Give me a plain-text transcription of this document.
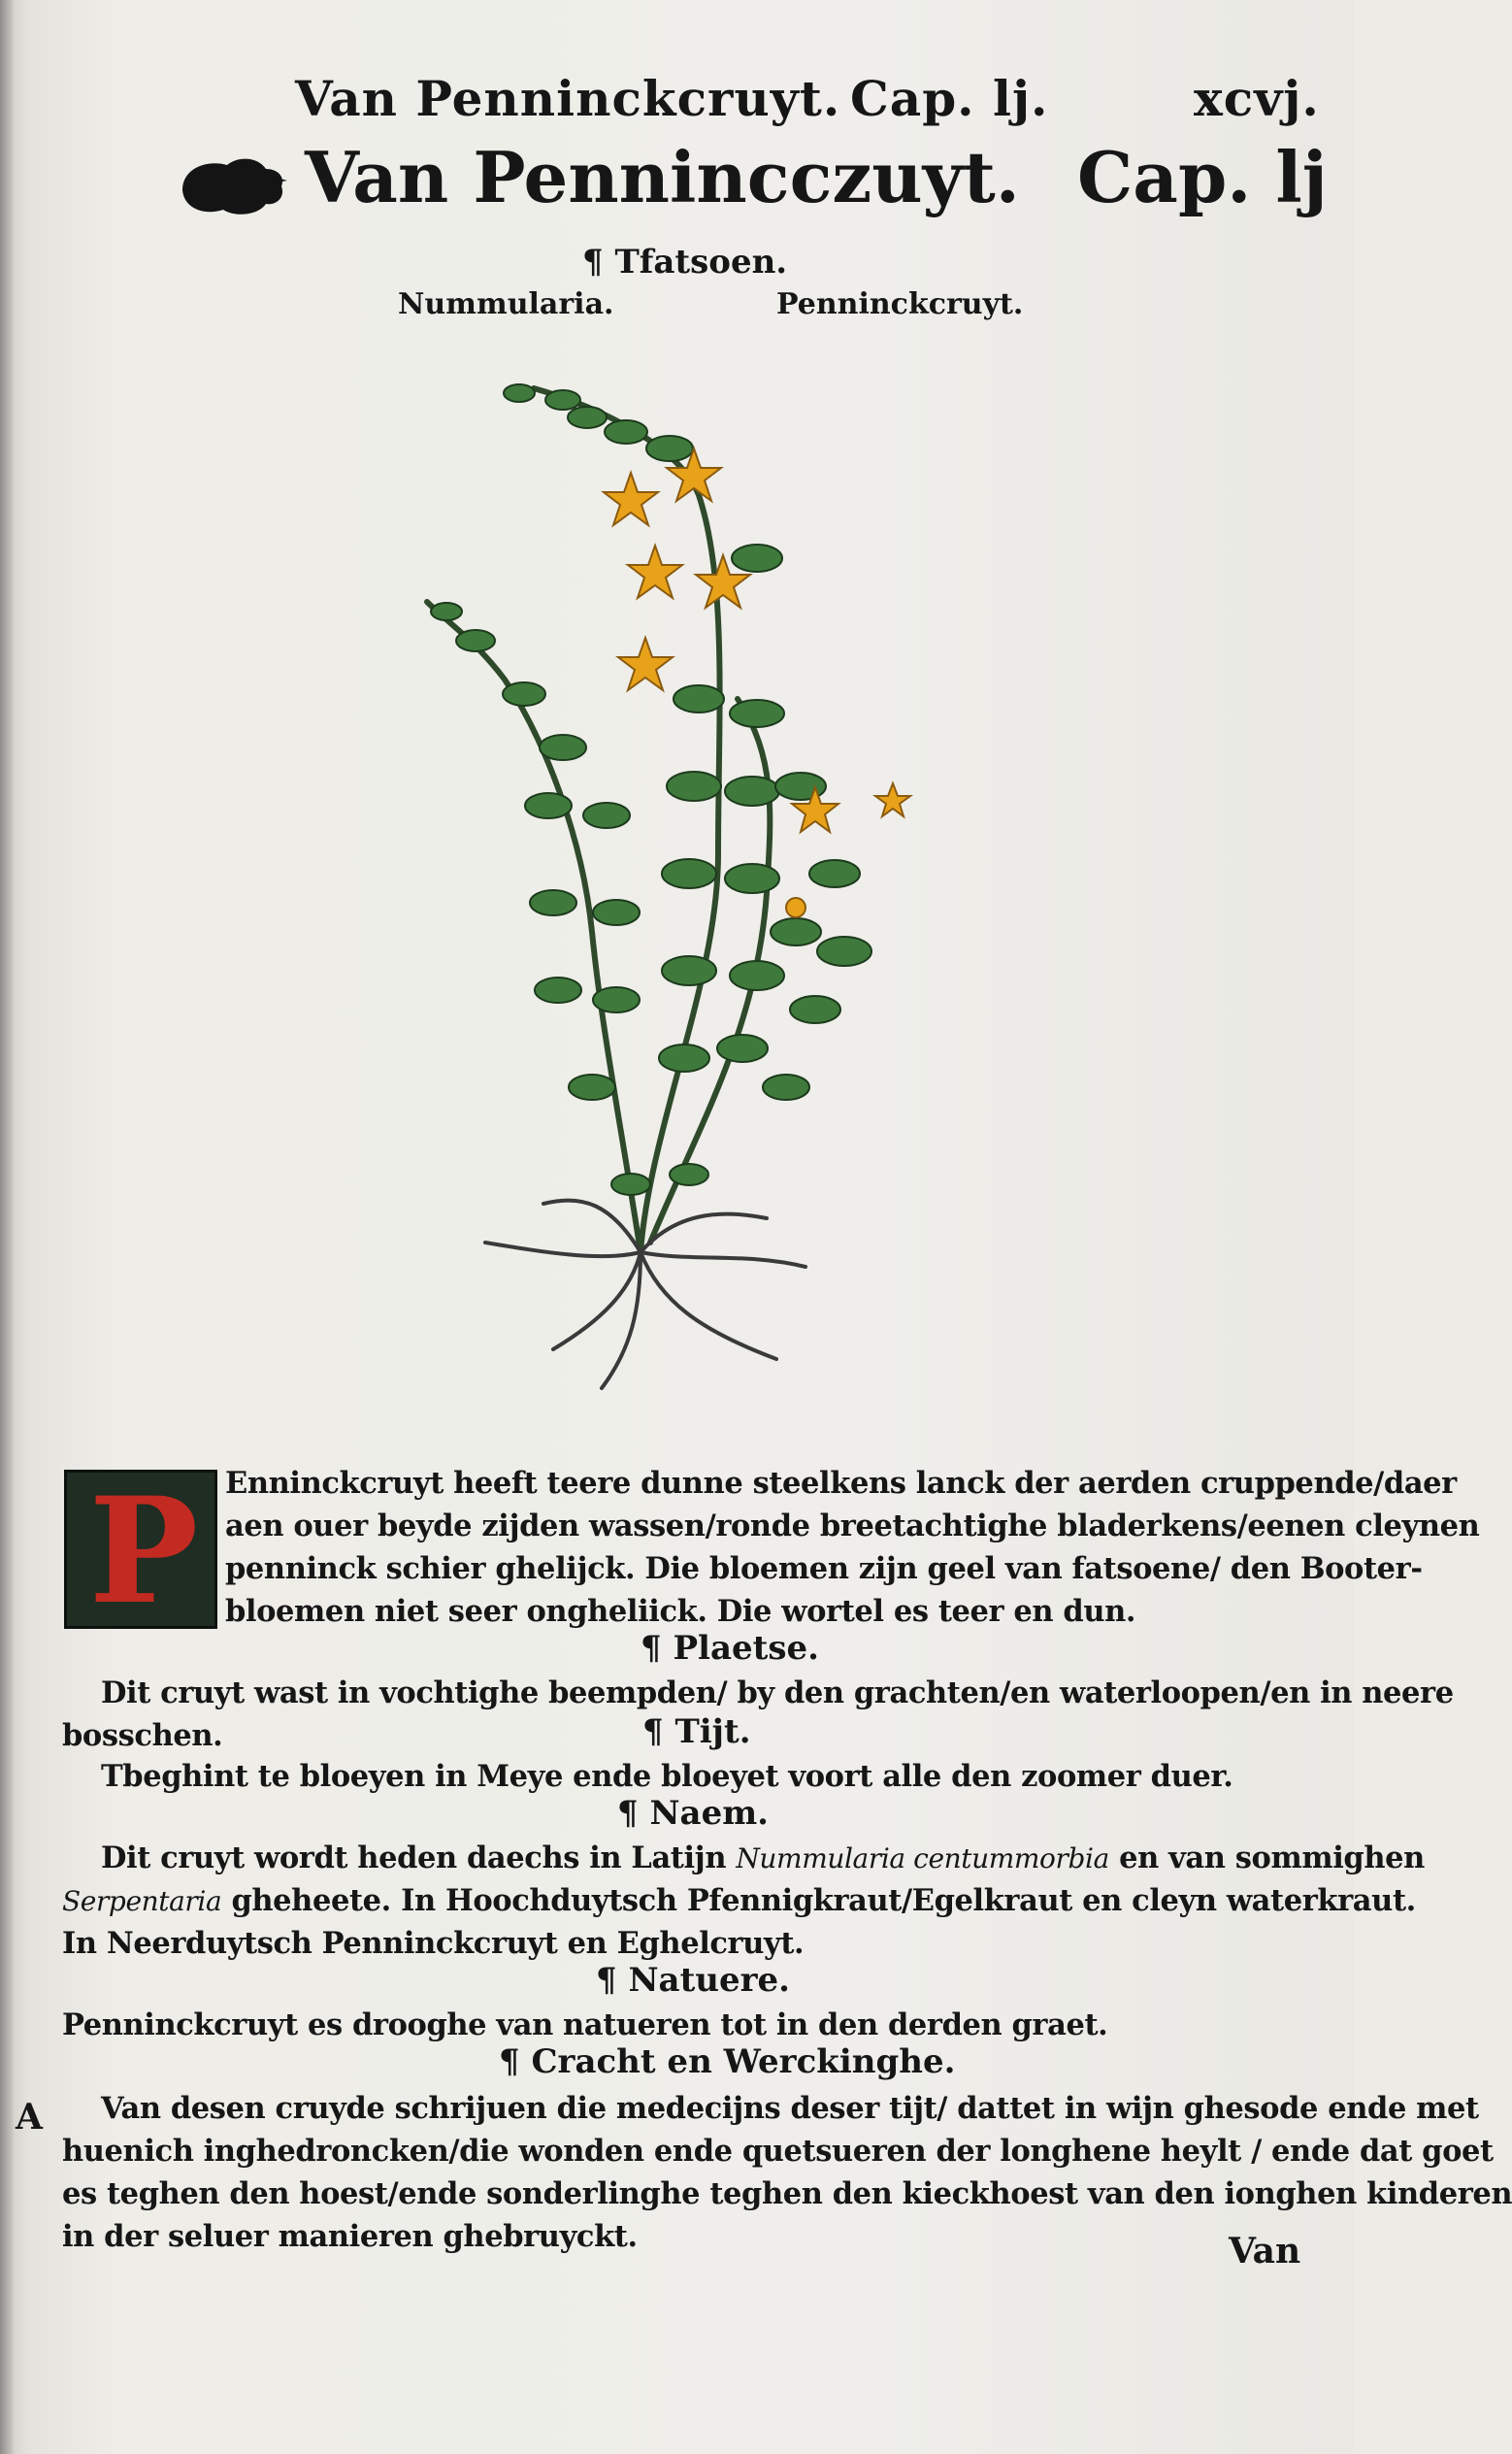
Van Penninckcruyt. Cap. lj.	xcvj.
Van Pennincczuyt. Cap. lj
¶ Tfatsoen.
Nummularia.	Penninckcruyt.
P Enninckcruyt heeft teere dunne steelkens lanck der aerden cruppende/daer
aen ouer beyde zijden wassen/ronde breetachtighe bladerkens/eenen cleynen
penninck schier ghelijck. Die bloemen zijn geel van fatsoene/ den Booter-
bloemen niet seer ongheliick. Die wortel es teer en dun.
¶ Plaetse.
Dit cruyt wast in vochtighe beempden/ by den grachten/en waterloopen/en in neere
bosschen.	¶ Tijt.
Tbeghint te bloeyen in Meye ende bloeyet voort alle den zoomer duer.
¶ Naem.
Dit cruyt wordt heden daechs in Latijn Nummularia centummorbia en van sommighen
Serpentaria gheheete. In Hoochduytsch Pfennigkraut/Egelkraut en cleyn waterkraut.
In Neerduytsch Penninckcruyt en Eghelcruyt.
¶ Natuere.
Penninckcruyt es drooghe van natueren tot in den derden graet.
¶ Cracht en Werckinghe.
A Van desen cruyde schrijuen die medecijns deser tijt/ dattet in wijn ghesode ende met
huenich inghedroncken/die wonden ende quetsueren der longhene heylt / ende dat goet
es teghen den hoest/ende sonderlinghe teghen den kieckhoest van den ionghen kinderen
in der seluer manieren ghebruyckt.	Van
